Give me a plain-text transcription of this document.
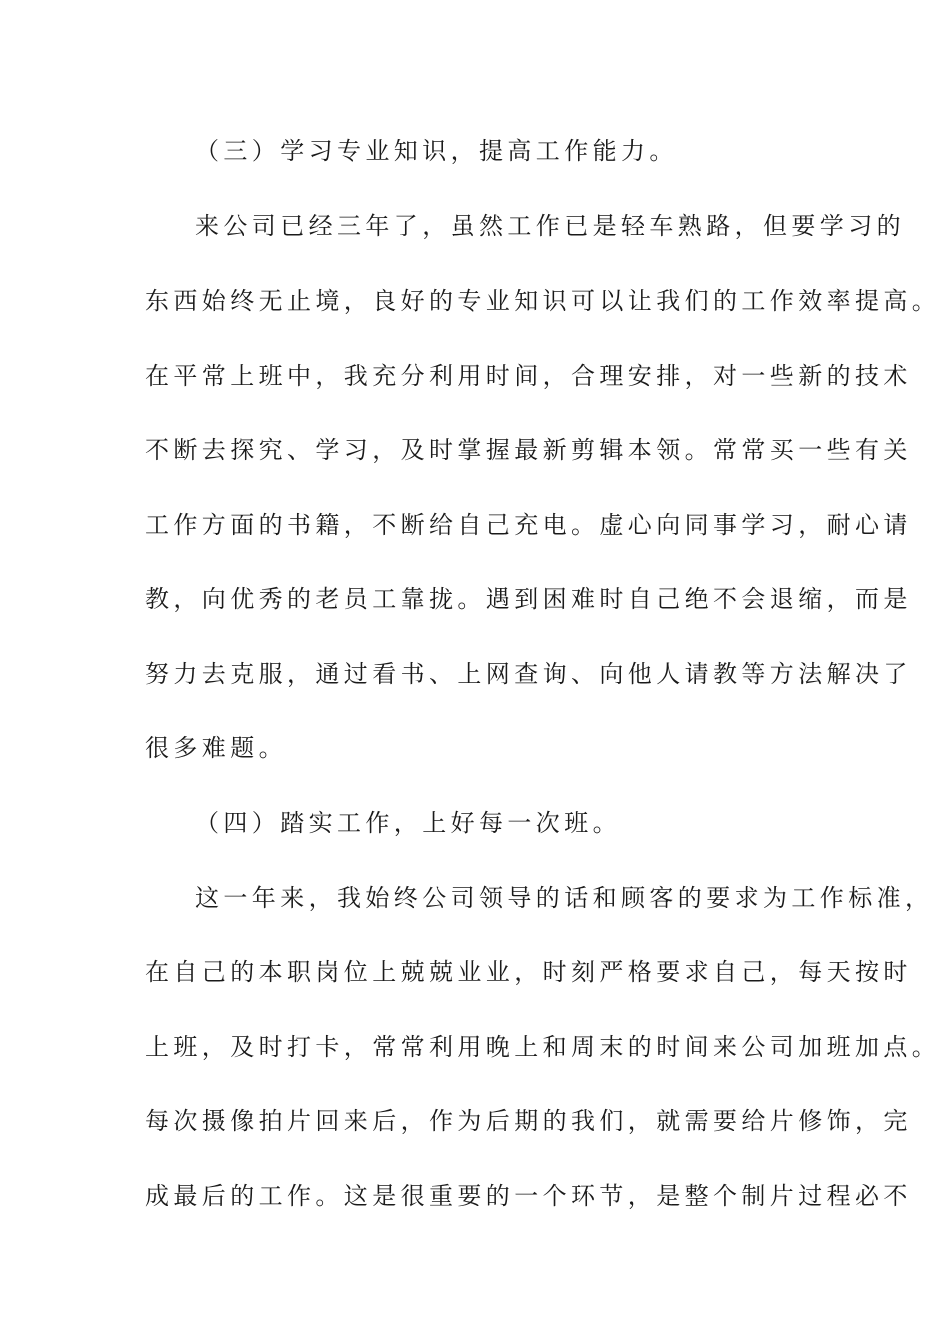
（三）学习专业知识，提高工作能力。
来公司已经三年了，虽然工作已是轻车熟路，但要学习的
东西始终无止境，良好的专业知识可以让我们的工作效率提高。
在平常上班中，我充分利用时间，合理安排，对一些新的技术
不断去探究、学习，及时掌握最新剪辑本领。常常买一些有关
工作方面的书籍，不断给自己充电。虚心向同事学习，耐心请
教，向优秀的老员工靠拢。遇到困难时自己绝不会退缩，而是
努力去克服，通过看书、上网查询、向他人请教等方法解决了
很多难题。
（四）踏实工作，上好每一次班。
这一年来，我始终公司领导的话和顾客的要求为工作标准，
在自己的本职岗位上兢兢业业，时刻严格要求自己，每天按时
上班，及时打卡，常常利用晚上和周末的时间来公司加班加点。
每次摄像拍片回来后，作为后期的我们，就需要给片修饰，完
成最后的工作。这是很重要的一个环节，是整个制片过程必不
